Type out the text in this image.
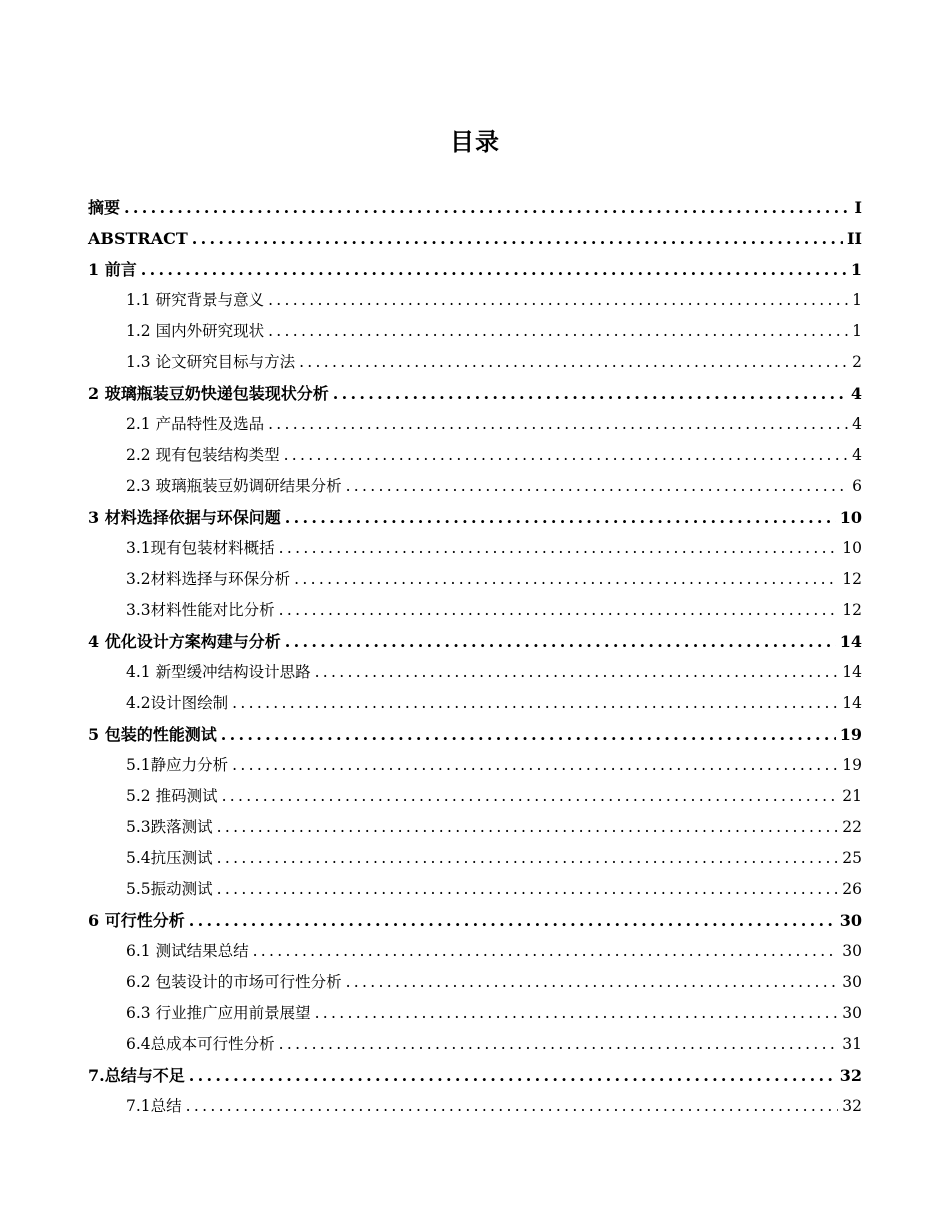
目录
摘要 .....	I
ABSTRACT .....	II
1 前言 .....	1
1.1 研究背景与意义 .....	1
1.2 国内外研究现状 .....	1
1.3 论文研究目标与方法 .....	2
2 玻璃瓶装豆奶快递包装现状分析 .....	4
2.1 产品特性及选品 .....	4
2.2 现有包装结构类型 .....	4
2.3 玻璃瓶装豆奶调研结果分析 .....	6
3 材料选择依据与环保问题 .....	10
3.1现有包装材料概括 .....	10
3.2材料选择与环保分析 .....	12
3.3材料性能对比分析 .....	12
4 优化设计方案构建与分析 .....	14
4.1 新型缓冲结构设计思路 .....	14
4.2设计图绘制 .....	14
5 包装的性能测试 .....	19
5.1静应力分析 .....	19
5.2 推码测试 .....	21
5.3跌落测试 .....	22
5.4抗压测试 .....	25
5.5振动测试 .....	26
6 可行性分析 .....	30
6.1 测试结果总结 .....	30
6.2 包装设计的市场可行性分析 .....	30
6.3 行业推广应用前景展望 .....	30
6.4总成本可行性分析 .....	31
7.总结与不足 .....	32
7.1总结 .....	32
